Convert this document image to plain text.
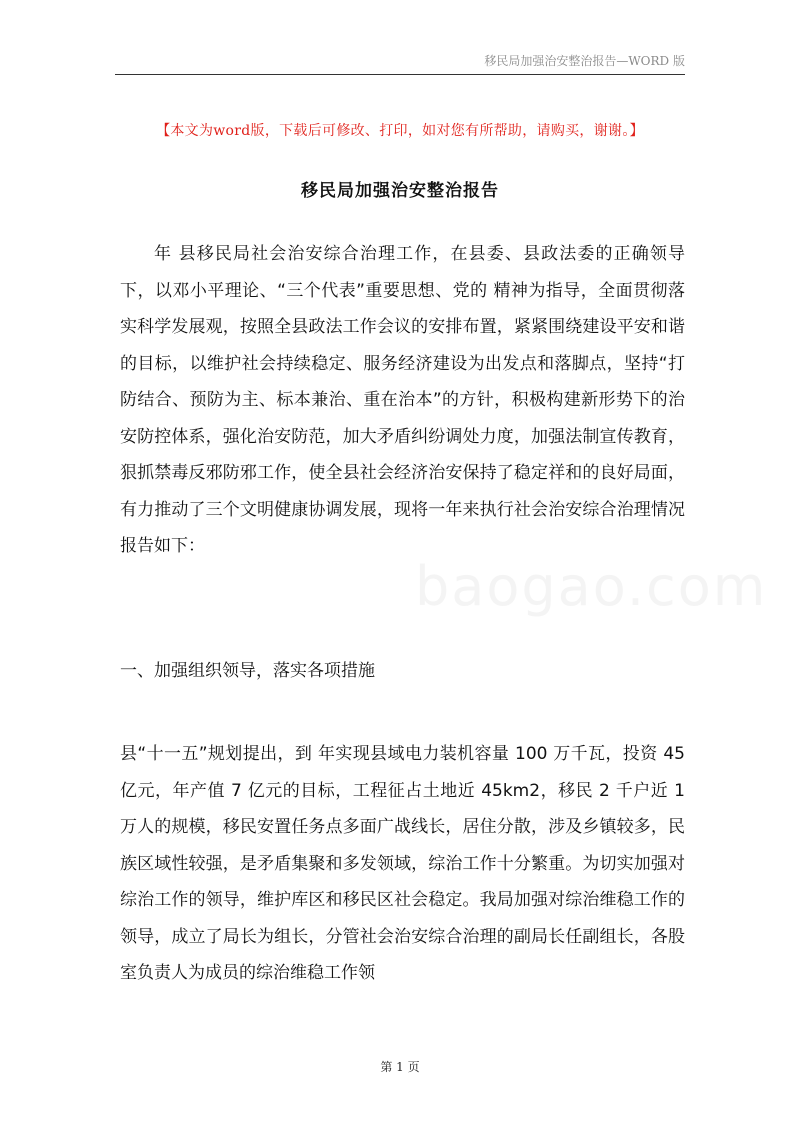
移民局加强治安整治报告—WORD 版
【本文为word版，下载后可修改、打印，如对您有所帮助，请购买，谢谢。】
移民局加强治安整治报告

年 县移民局社会治安综合治理工作，在县委、县政法委的正确领导下，以邓小平理论、“三个代表”重要思想、党的 精神为指导，全面贯彻落实科学发展观，按照全县政法工作会议的安排布置，紧紧围绕建设平安和谐 的目标，以维护社会持续稳定、服务经济建设为出发点和落脚点，坚持“打防结合、预防为主、标本兼治、重在治本”的方针，积极构建新形势下的治安防控体系，强化治安防范，加大矛盾纠纷调处力度，加强法制宣传教育，狠抓禁毒反邪防邪工作，使全县社会经济治安保持了稳定祥和的良好局面，有力推动了三个文明健康协调发展，现将一年来执行社会治安综合治理情况报告如下：

一、加强组织领导，落实各项措施

县“十一五”规划提出，到 年实现县域电力装机容量 100 万千瓦，投资 45 亿元，年产值 7 亿元的目标，工程征占土地近 45km2，移民 2 千户近 1 万人的规模，移民安置任务点多面广战线长，居住分散，涉及乡镇较多，民族区域性较强，是矛盾集聚和多发领域，综治工作十分繁重。为切实加强对综治工作的领导，维护库区和移民区社会稳定。我局加强对综治维稳工作的领导，成立了局长为组长，分管社会治安综合治理的副局长任副组长，各股室负责人为成员的综治维稳工作领

baogao.com
第 1 页
